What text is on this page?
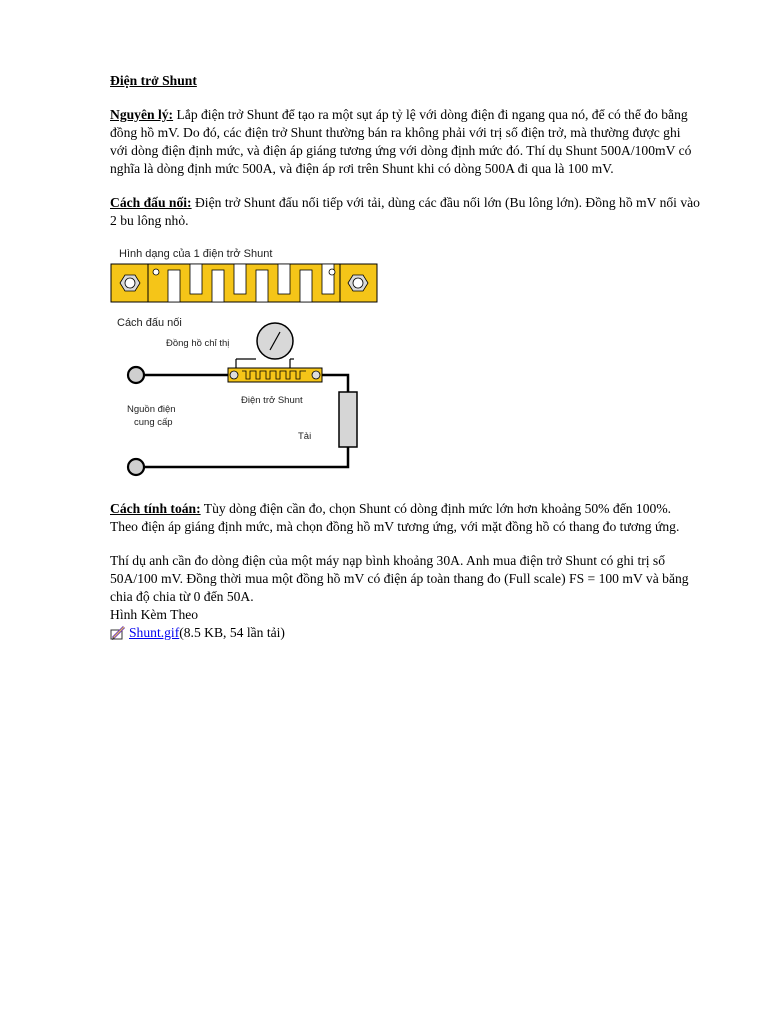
Điện trở Shunt

Nguyên lý: Lắp điện trở Shunt để tạo ra một sụt áp tỷ lệ với dòng điện đi ngang qua nó, để có thể đo bằng đồng hồ mV. Do đó, các điện trở Shunt thường bán ra không phải với trị số điện trở, mà thường được ghi với dòng điện định mức, và điện áp giáng tương ứng với dòng định mức đó. Thí dụ Shunt 500A/100mV có nghĩa là dòng định mức 500A, và điện áp rơi trên Shunt khi có dòng 500A đi qua là 100 mV.

Cách đấu nối: Điện trở Shunt đấu nối tiếp với tải, dùng các đầu nối lớn (Bu lông lớn). Đồng hồ mV nối vào 2 bu lông nhỏ.

Hình dạng của 1 điện trở Shunt
Cách đấu nối
Đồng hồ chỉ thị
Điện trở Shunt
Tải
Nguồn điện
cung cấp

Cách tính toán: Tùy dòng điện cần đo, chọn Shunt có dòng định mức lớn hơn khoảng 50% đến 100%. Theo điện áp giáng định mức, mà chọn đồng hồ mV tương ứng, với mặt đồng hồ có thang đo tương ứng.

Thí dụ anh cần đo dòng điện của một máy nạp bình khoảng 30A. Anh mua điện trở Shunt có ghi trị số 50A/100 mV. Đồng thời mua một đồng hồ mV có điện áp toàn thang đo (Full scale) FS = 100 mV và băng chia độ chia từ 0 đến 50A.
Hình Kèm Theo
Shunt.gif (8.5 KB, 54 lần tải)
